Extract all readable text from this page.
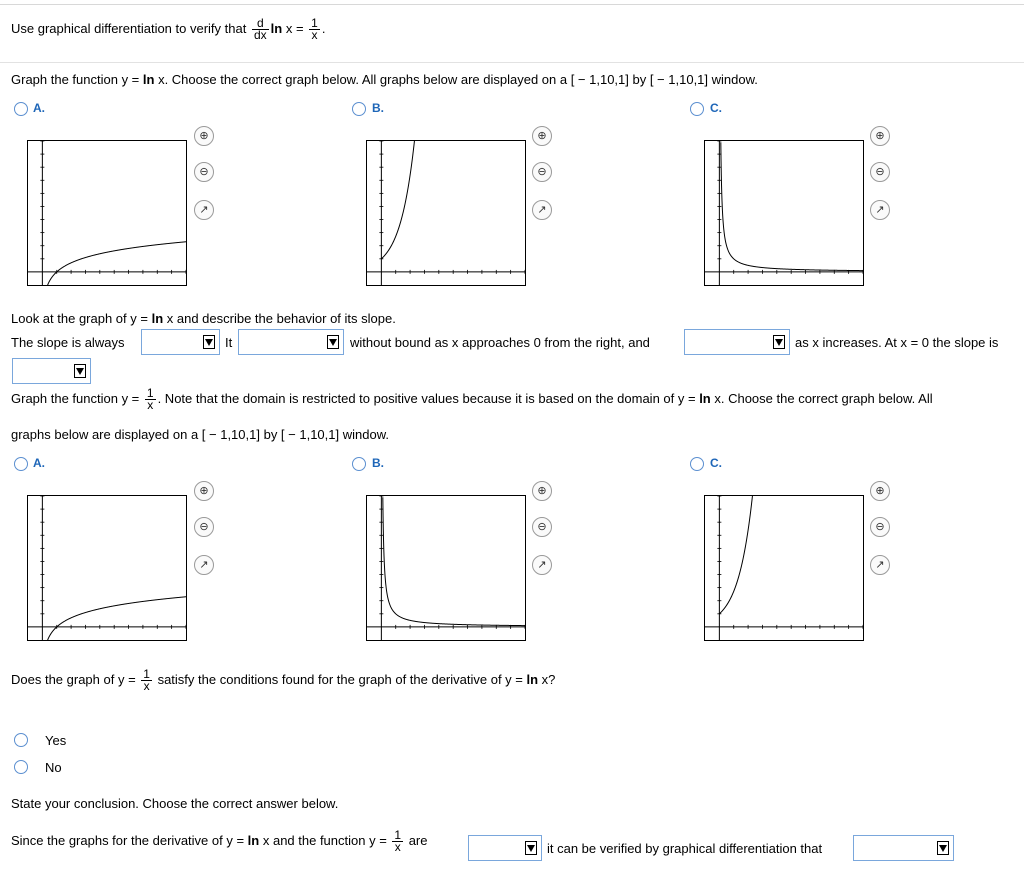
Use graphical differentiation to verify that $\frac{d}{dx}$ $\ln x = \frac{1}{x}$ .
Graph the function y = ln x. Choose the correct graph below. All graphs below are displayed on a [ − 1,10,1] by [ − 1,10,1] window.
A.	B.	C.
⊕
⊖
↗
⊕
⊖
↗
⊕
⊖
↗
Look at the graph of y = ln x and describe the behavior of its slope.
The slope is always	It	without bound as x approaches 0 from the right, and	as x increases. At x = 0 the slope is
Graph the function $y = \frac{1}{x}$ . Note that the domain is restricted to positive values because it is based on the domain of y = ln x. Choose the correct graph below. All
graphs below are displayed on a [ − 1,10,1] by [ − 1,10,1] window.
A.	B.	C.
⊕
⊖
↗
⊕
⊖
↗
⊕
⊖
↗
Does the graph of $y = \frac{1}{x}$ satisfy the conditions found for the graph of the derivative of y = ln x?
Yes
No
State your conclusion. Choose the correct answer below.
Since the graphs for the derivative of y = ln x and the function $y = \frac{1}{x}$ are
it can be verified by graphical differentiation that
